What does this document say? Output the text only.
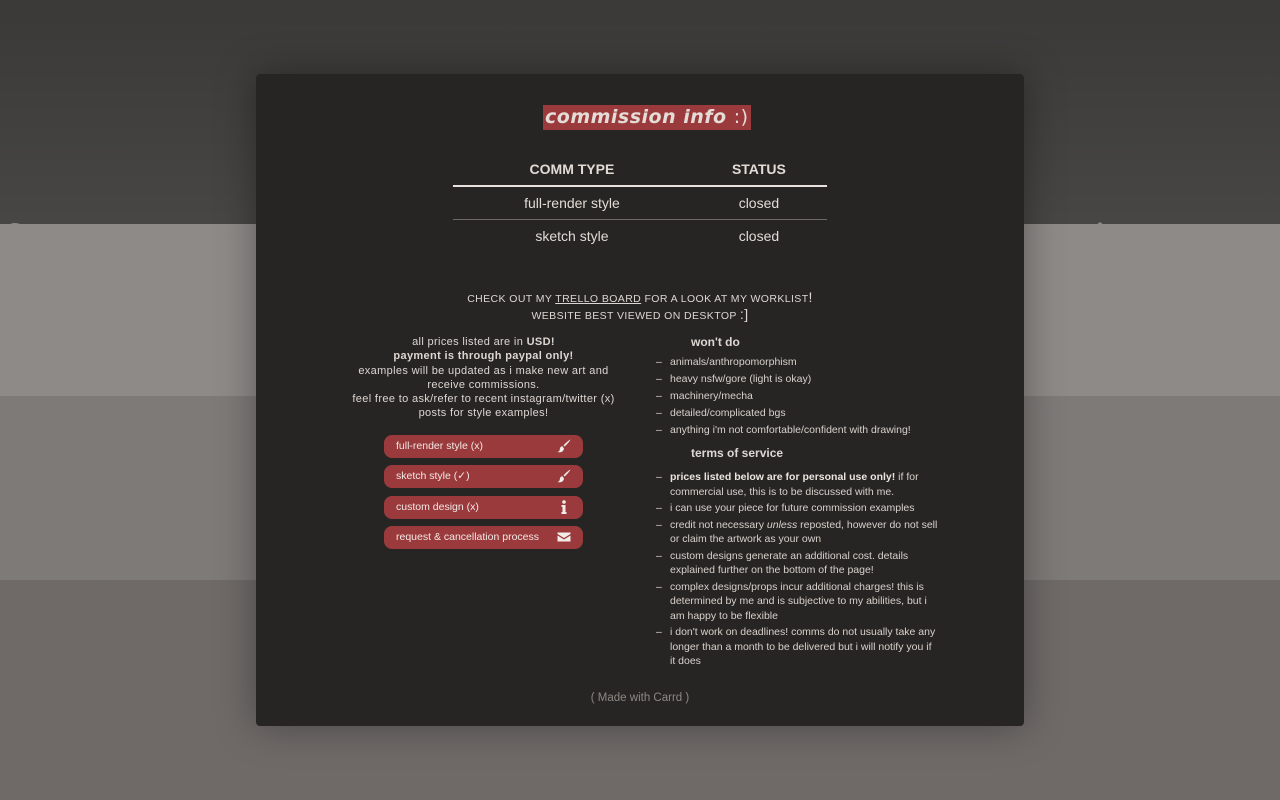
commission info :)
COMM TYPE	STATUS
full-render style	closed
sketch style	closed
CHECK OUT MY TRELLO BOARD FOR A LOOK AT MY WORKLIST!
WEBSITE BEST VIEWED ON DESKTOP :]
all prices listed are in USD!
payment is through paypal only!
examples will be updated as i make new art and receive commissions.
feel free to ask/refer to recent instagram/twitter (x) posts for style examples!
full-render style (x)
sketch style (✓)
custom design (x)
request & cancellation process
won't do
– animals/anthropomorphism
– heavy nsfw/gore (light is okay)
– machinery/mecha
– detailed/complicated bgs
– anything i'm not comfortable/confident with drawing!
terms of service
– prices listed below are for personal use only! if for commercial use, this is to be discussed with me.
– i can use your piece for future commission examples
– credit not necessary unless reposted, however do not sell or claim the artwork as your own
– custom designs generate an additional cost. details explained further on the bottom of the page!
– complex designs/props incur additional charges! this is determined by me and is subjective to my abilities, but i am happy to be flexible
– i don't work on deadlines! comms do not usually take any longer than a month to be delivered but i will notify you if it does
( Made with Carrd )
